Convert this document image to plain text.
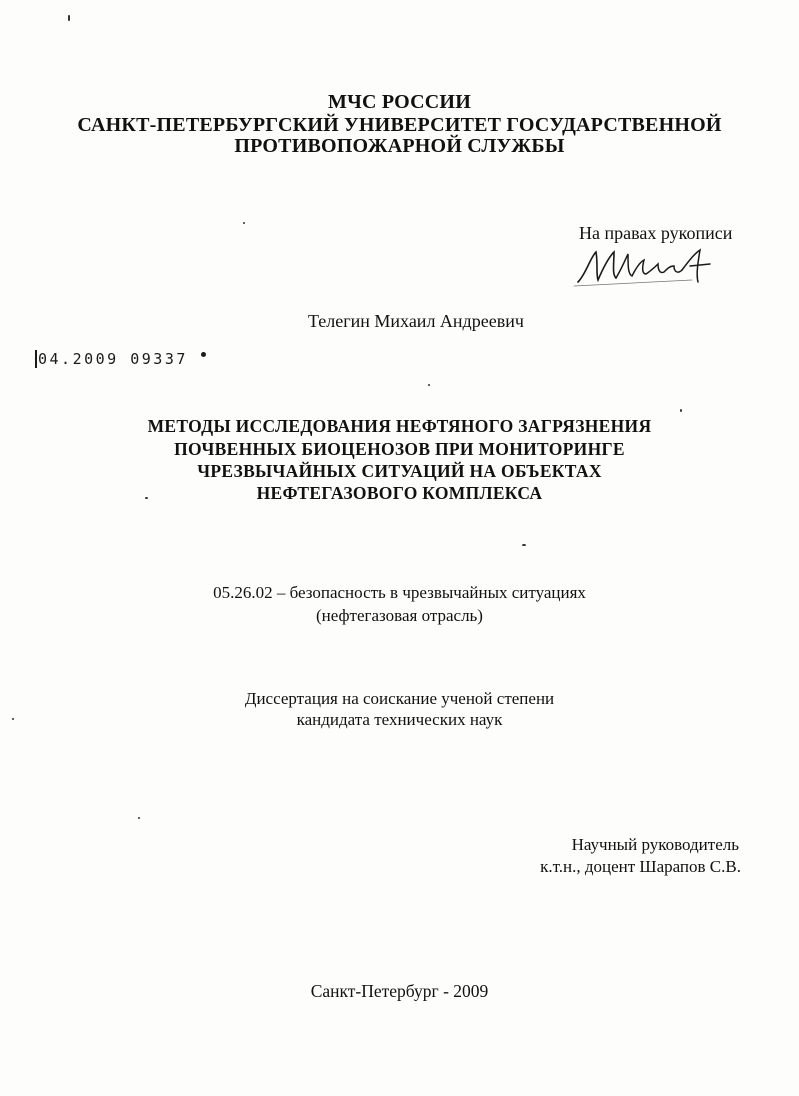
МЧС РОССИИ
САНКТ-ПЕТЕРБУРГСКИЙ УНИВЕРСИТЕТ ГОСУДАРСТВЕННОЙ
ПРОТИВОПОЖАРНОЙ СЛУЖБЫ
На правах рукописи
Телегин Михаил Андреевич
04.2009 09337
МЕТОДЫ ИССЛЕДОВАНИЯ НЕФТЯНОГО ЗАГРЯЗНЕНИЯ
ПОЧВЕННЫХ БИОЦЕНОЗОВ ПРИ МОНИТОРИНГЕ
ЧРЕЗВЫЧАЙНЫХ СИТУАЦИЙ НА ОБЪЕКТАХ
НЕФТЕГАЗОВОГО КОМПЛЕКСА
05.26.02 – безопасность в чрезвычайных ситуациях
(нефтегазовая отрасль)
Диссертация на соискание ученой степени
кандидата технических наук
Научный руководитель
к.т.н., доцент Шарапов С.В.
Санкт-Петербург - 2009
